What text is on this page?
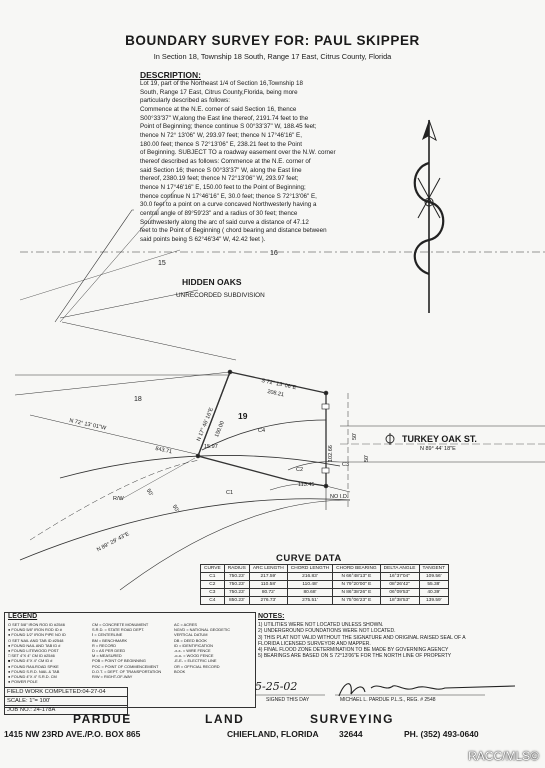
BOUNDARY SURVEY FOR: PAUL SKIPPER
In Section 18, Township 18 South, Range 17 East, Citrus County, Florida
DESCRIPTION:
Lot 19, part of the Northeast 1/4 of Section 16,Township 18
South, Range 17 East, Citrus County,Florida, being more
particularly described as follows:
Commence at the N.E. corner of said Section 16, thence
S00°33'37" W,along the East line thereof, 2191.74 feet to the
Point of Beginning; thence continue S 00°33'37" W, 188.45 feet;
thence N 72° 13'06" W, 293.97 feet; thence N 17°46'16" E,
180.00 feet; thence S 72°13'06" E, 238.21 feet to the Point
of Beginning. SUBJECT TO a roadway easement over the N.W. corner
thereof described as follows: Commence at the N.E. corner of
said Section 16; thence S 00°33'37" W, along the East line
thereof, 2380.19 feet; thence N 72°13'06" W, 293.97 feet;
thence N 17°46'16" E, 150.00 feet to the Point of Beginning;
thence continue N 17°46'16" E, 30.0 feet; thence S 72°13'06" E,
30.0 feet to a point on a curve concaved Northwesterly having a
central angle of 89°59'23" and a radius of 30 feet; thence
Southwesterly along the arc of said curve a distance of 47.12
feet to the Point of Beginning ( chord bearing and distance between
said points being S 62°46'34" W, 42.42 feet ).
15
16
HIDDEN OAKS
UNRECORDED SUBDIVISION
18
19
S 72° 13' 06"E
208.21
N 17° 46' 16"E 150.00
N 72° 13' 01"W
843.71	15.97	102.66
50'
50'
TURKEY OAK ST.
N 89° 44' 18"E
N 89° 29' 43"E
50'
50'
R/W
C1
C2
C3
C4
113.45
NO I.D.
CURVE DATA
CURVE	RADIUS	ARC LENGTH	CHORD LENGTH	CHORD BEARING	DELTA ANGLE	TANGENT
C1	750.23'	217.59'	216.83'	N 66°48'13" E	16°37'04"	109.56'
C2	750.23'	110.58'	110.48'	N 79°20'00" E	08°26'42"	55.38'
C3	750.23'	80.72'	80.68'	N 86°38'26" E	06°09'53"	40.39'
C4	850.23'	276.73'	275.51'	N 75°06'23" E	18°38'53"	139.59'
LEGEND
O SET 5/8" IRON ROD ID #2546
● FOUND 5/8" IRON ROD ID #
● FOUND 1/2" IRON PIPE NO ID
O SET NAIL AND TAB ID #2548
● FOUND NAIL AND TAB ID #
● FOUND LITEWOOD POST
□ SET 4"X 4" CM ID #2546
■ FOUND 4"X 4" CM ID #
● FOUND RAILROAD SPIKE
● FOUND S.R.D. NAIL & TAB
● FOUND 4"X 4" S.R.D. CM
● POWER POLE
CM = CONCRETE MONUMENT
S.R.D. = STATE ROAD DEPT.
ℓ = CENTERLINE
BM = BENCHMARK
R = RECORD
D = AS PER DEED
M = MEASURED
POB = POINT OF BEGINNING
POC = POINT OF COMMENCEMENT
D.O.T. = DEPT. OF TRANSPORTATION
R/W = RIGHT-OF-WAY
AC = ACRES
NGVD = NATIONAL GEODETIC
VERTICAL DATUM
DB = DEED BOOK
ID = IDENTIFICATION
-x-x- = WIRE FENCE
-o-o- = WOOD FENCE
-E-E- = ELECTRIC LINE
OR = OFFICIAL RECORD
BOOK
FIELD WORK COMPLETED:04-27-04
SCALE: 1"= 100'
JOB NO.: 24-178A
NOTES:
1) UTILITIES WERE NOT LOCATED UNLESS SHOWN.
2) UNDERGROUND FOUNDATIONS WERE NOT LOCATED.
3) THIS PLAT NOT VALID WITHOUT THE SIGNATURE AND ORIGINAL RAISED SEAL OF A
FLORIDA LICENSED SURVEYOR AND MAPPER.
4) FINAL FLOOD ZONE DETERMINATION TO BE MADE BY GOVERNING AGENCY
5) BEARINGS ARE BASED ON S 72°13'06"E FOR THE NORTH LINE OF PROPERTY
5-25-02
SIGNED THIS DAY	MICHAEL L. PARDUE P.L.S., REG. # 2548
PARDUE	LAND	SURVEYING
1415 NW 23RD AVE./P.O. BOX 865	CHIEFLAND, FLORIDA 32644	PH. (352) 493-0640
RACC/MLS©
